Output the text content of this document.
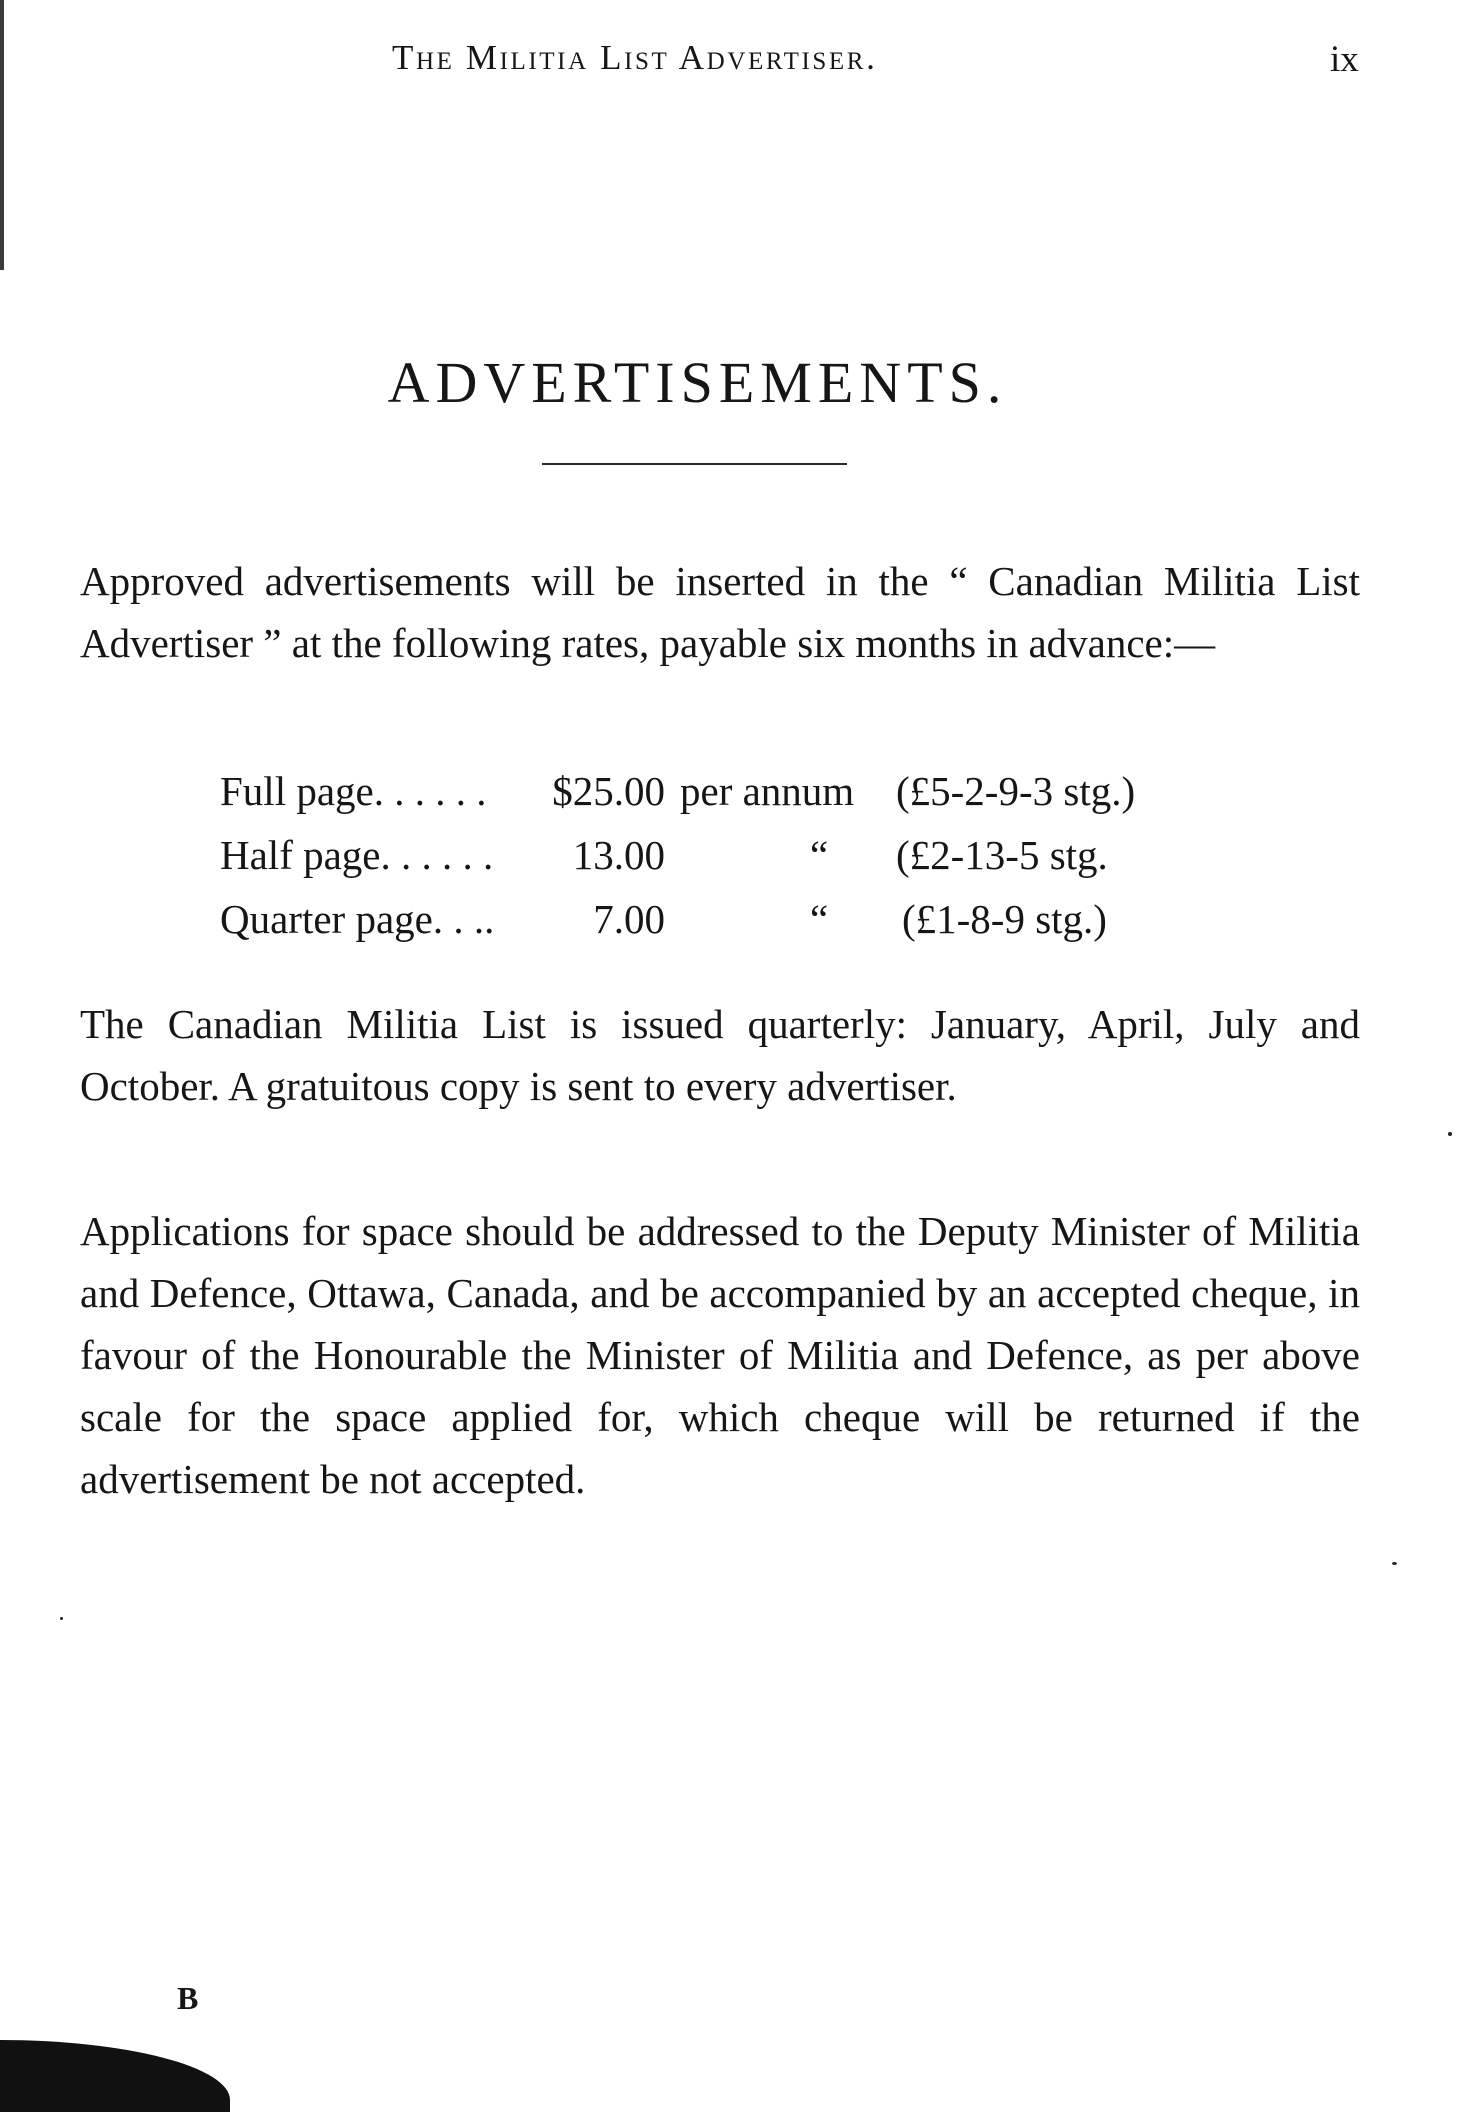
The Militia List Advertiser.	ix
ADVERTISEMENTS.

Approved advertisements will be inserted in the “ Canadian Militia List Advertiser ” at the following rates, payable six months in advance:—

Full page. . . . . . $25.00 per annum (£5-2-9-3 stg.)
Half page. . . . . .	13.00	“ (£2-13-5 stg.
Quarter page. . ..	7.00	“ (£1-8-9 stg.)

The Canadian Militia List is issued quarterly: January, April, July and October. A gratuitous copy is sent to every advertiser.

Applications for space should be addressed to the Deputy Minister of Militia and Defence, Ottawa, Canada, and be accompanied by an accepted cheque, in favour of the Honourable the Minister of Militia and Defence, as per above scale for the space applied for, which cheque will be returned if the advertisement be not accepted.

B
